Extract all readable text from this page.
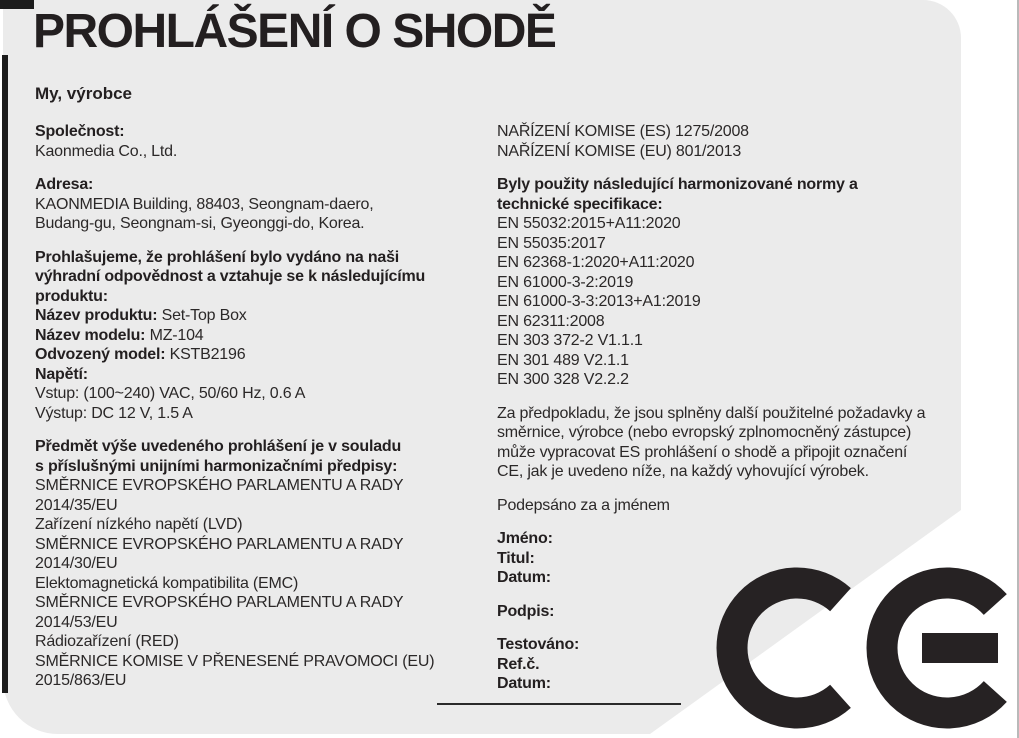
PROHLÁŠENÍ O SHODĚ
My, výrobce

Společnost:

Kaonmedia Co., Ltd.

Adresa:

KAONMEDIA Building, 88403, Seongnam-daero,

Budang-gu, Seongnam-si, Gyeonggi-do, Korea.

Prohlašujeme, že prohlášení bylo vydáno na naši

výhradní odpovědnost a vztahuje se k následujícímu

produktu:

Název produktu: Set-Top Box

Název modelu: MZ-104

Odvozený model: KSTB2196

Napětí:

Vstup: (100~240) VAC, 50/60 Hz, 0.6 A

Výstup: DC 12 V, 1.5 A

Předmět výše uvedeného prohlášení je v souladu

s příslušnými unijními harmonizačními předpisy:

SMĚRNICE EVROPSKÉHO PARLAMENTU A RADY

2014/35/EU

Zařízení nízkého napětí (LVD)

SMĚRNICE EVROPSKÉHO PARLAMENTU A RADY

2014/30/EU

Elektomagnetická kompatibilita (EMC)

SMĚRNICE EVROPSKÉHO PARLAMENTU A RADY

2014/53/EU

Rádiozařízení (RED)

SMĚRNICE KOMISE V PŘENESENÉ PRAVOMOCI (EU)

2015/863/EU

NAŘÍZENÍ KOMISE (ES) 1275/2008

NAŘÍZENÍ KOMISE (EU) 801/2013

Byly použity následující harmonizované normy a

technické specifikace:

EN 55032:2015+A11:2020

EN 55035:2017

EN 62368-1:2020+A11:2020

EN 61000-3-2:2019

EN 61000-3-3:2013+A1:2019

EN 62311:2008

EN 303 372-2 V1.1.1

EN 301 489 V2.1.1

EN 300 328 V2.2.2

Za předpokladu, že jsou splněny další použitelné požadavky a

směrnice, výrobce (nebo evropský zplnomocněný zástupce)

může vypracovat ES prohlášení o shodě a připojit označení

CE, jak je uvedeno níže, na každý vyhovující výrobek.

Podepsáno za a jménem

Jméno:

Titul:

Datum:

Podpis:

Testováno:

Ref.č.

Datum:
